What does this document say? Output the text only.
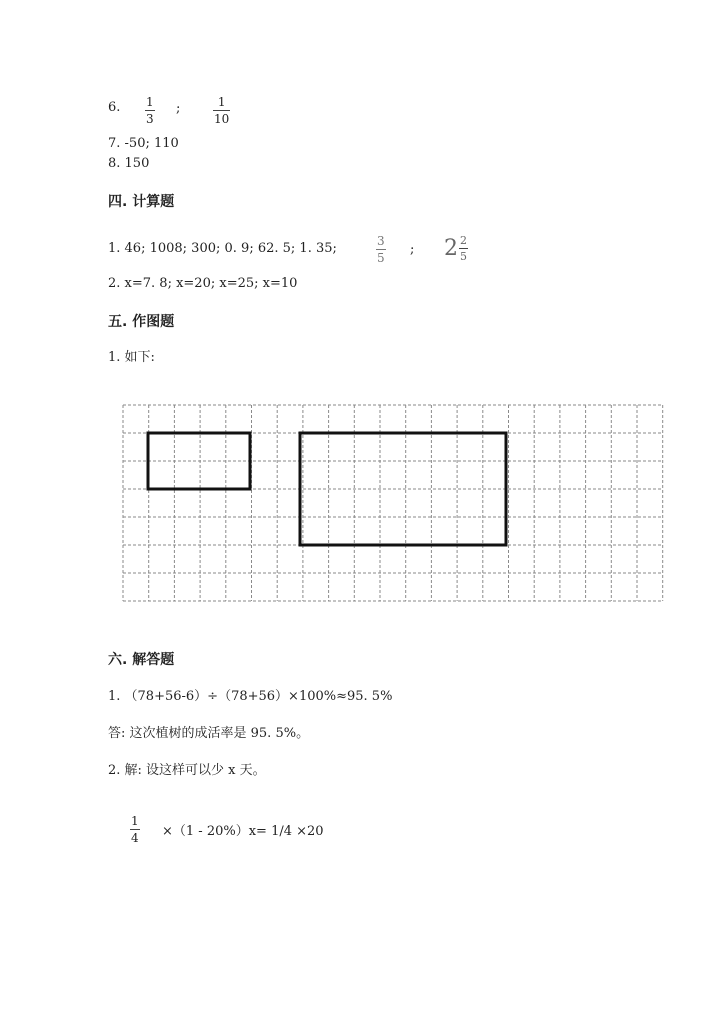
6. 1
3
;	1
10
7. -50; 110
8. 150
四. 计算题
1. 46; 1008; 300; 0. 9; 62. 5; 1. 35;	3
5
; $2 \frac{2}{5}$
2. x=7. 8; x=20; x=25; x=10
五. 作图题
1. 如下:
六. 解答题
1. （78+56-6）÷（78+56）×100%≈95. 5%
答: 这次植树的成活率是 95. 5%。
2. 解: 设这样可以少 x 天。
1
4 ×（1 - 20%）x= 1/4 ×20
